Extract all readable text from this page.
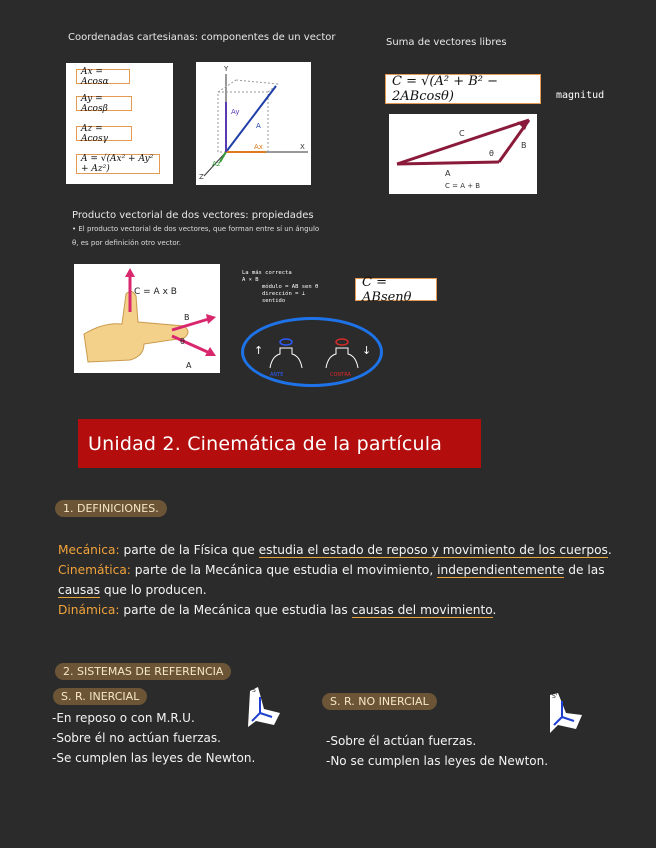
Coordenadas cartesianas: componentes de un vector
Ax = Acosα
Ay = Acosβ
Az = Acosγ
A = √(Ax² + Ay² + Az²)
Y
X
Z
Ay
Ax
Az
A
Suma de vectores libres
C = √(A² + B² − 2ABcosθ)	magnitud
C
B
A
θ
C = A + B
Producto vectorial de dos vectores: propiedades
• El producto vectorial de dos vectores, que forman entre sí un ángulo
θ, es por definición otro vector.
C = A x B
B
A
θ
La más correcta
A × B
módulo = AB sen θ
dirección = ⊥
sentido
C = ABsenθ
↑
ANTE	CONTRA
↓
Unidad 2. Cinemática de la partícula
1. DEFINICIONES.
Mecánica: parte de la Física que estudia el estado de reposo y movimiento de los cuerpos.
Cinemática: parte de la Mecánica que estudia el movimiento, independientemente de las causas que lo producen.
Dinámica: parte de la Mecánica que estudia las causas del movimiento.
2. SISTEMAS DE REFERENCIA
S. R. INERCIAL
-En reposo o con M.R.U.
-Sobre él no actúan fuerzas.
-Se cumplen las leyes de Newton.
S. R. NO INERCIAL
-Sobre él actúan fuerzas.
-No se cumplen las leyes de Newton.
S
S'
